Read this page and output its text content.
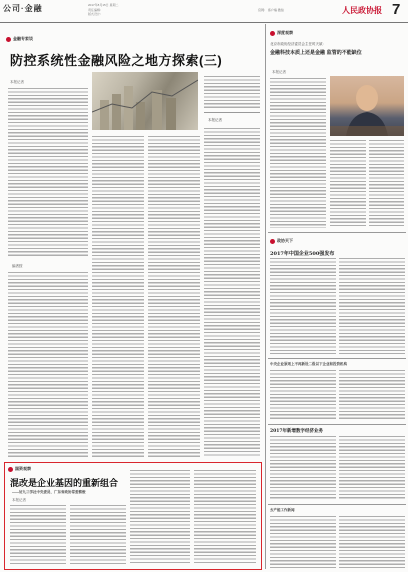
公司·金融	2017年8月15日 星期二
责任编辑：
版式设计：
官网： 客户端 微信	人民政协报 7
金融专家谈
防控系统性金融风险之地方探索(三)
本报记者
编者按
本报记者
深度观察
北京市政协经济委员会主任时天斌：
金融科技本质上还是金融 监管的不能缺位
本报记者
政协天下
2017年中国企业500强发布
中央企业原则上不再新设二级以下企业和投资机构
2017年新增数字经济业务
去产能工作新闻
国资观察
混改是企业基因的重新组合
——访九三学社中央委员、广东省政协常委蔡俊
本报记者
